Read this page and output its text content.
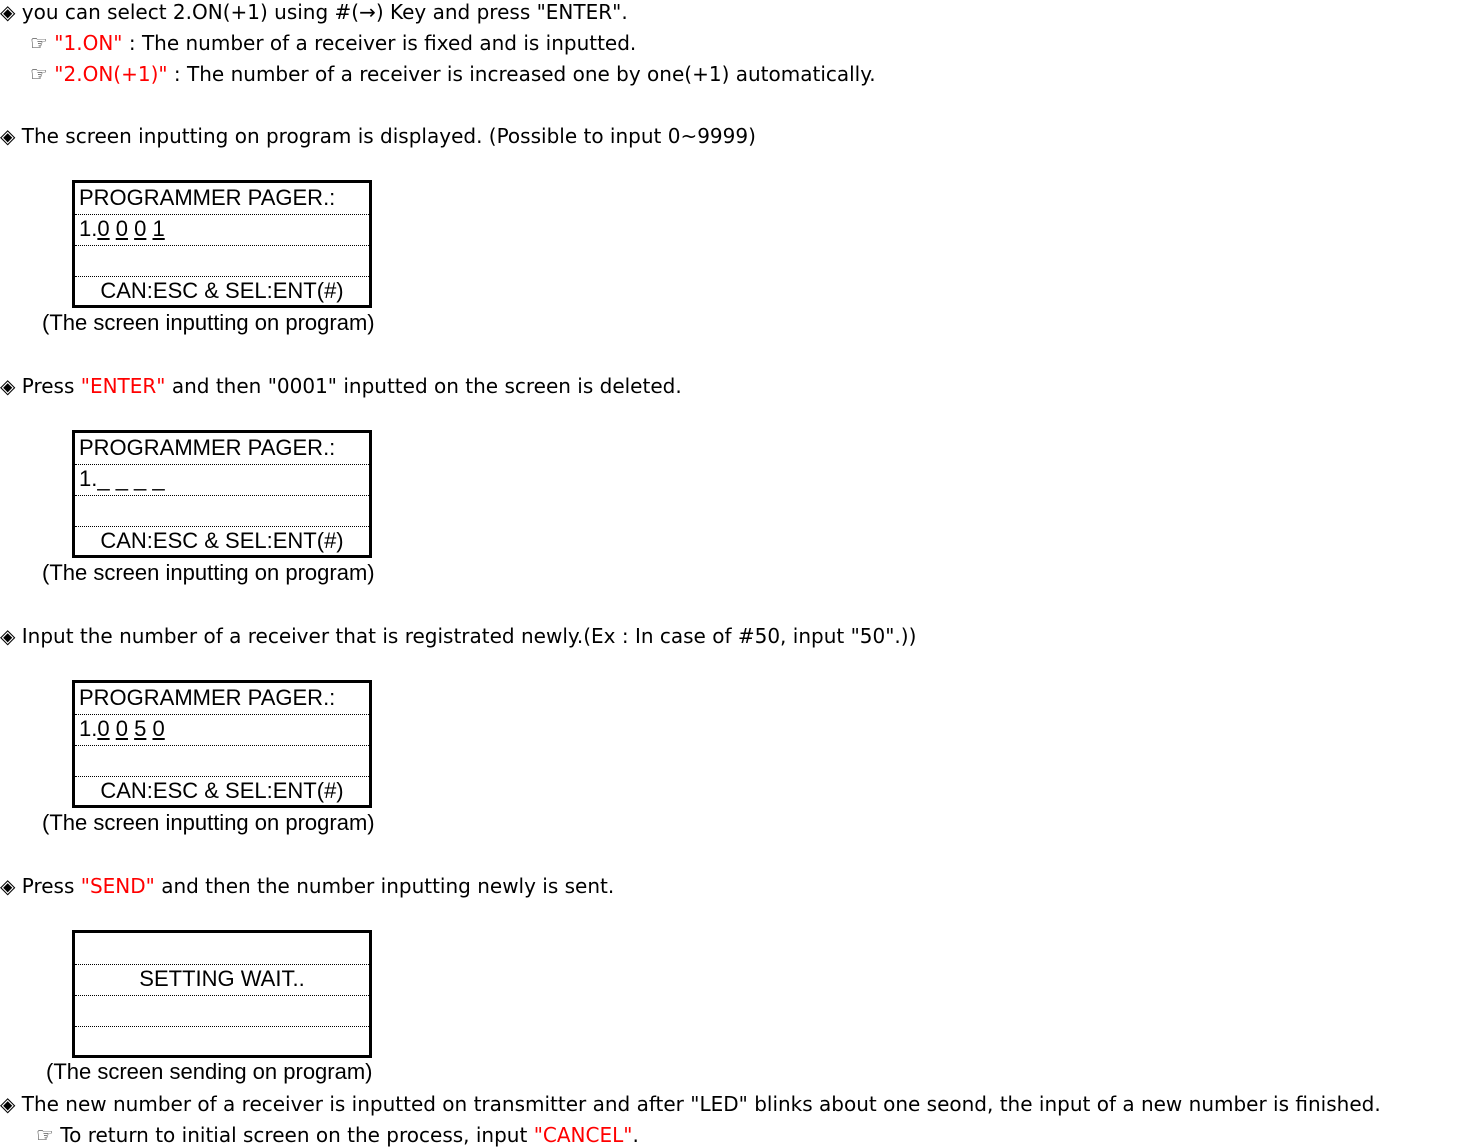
◈ you can select 2.ON(+1) using #(→) Key and press "ENTER".
☞ "1.ON" : The number of a receiver is fixed and is inputted.
☞ "2.ON(+1)" : The number of a receiver is increased one by one(+1) automatically.
◈ The screen inputting on program is displayed. (Possible to input 0~9999)
PROGRAMMER PAGER.:
1.0 0 0 1
CAN:ESC & SEL:ENT(#)
(The screen inputting on program)
◈ Press "ENTER" and then "0001" inputted on the screen is deleted.
PROGRAMMER PAGER.:
1._ _ _ _
CAN:ESC & SEL:ENT(#)
(The screen inputting on program)
◈ Input the number of a receiver that is registrated newly.(Ex : In case of #50, input "50".))
PROGRAMMER PAGER.:
1.0 0 5 0
CAN:ESC & SEL:ENT(#)
(The screen inputting on program)
◈ Press "SEND" and then the number inputting newly is sent.
SETTING WAIT..
(The screen sending on program)
◈ The new number of a receiver is inputted on transmitter and after "LED" blinks about one seond, the input of a new number is finished.
☞ To return to initial screen on the process, input "CANCEL".
